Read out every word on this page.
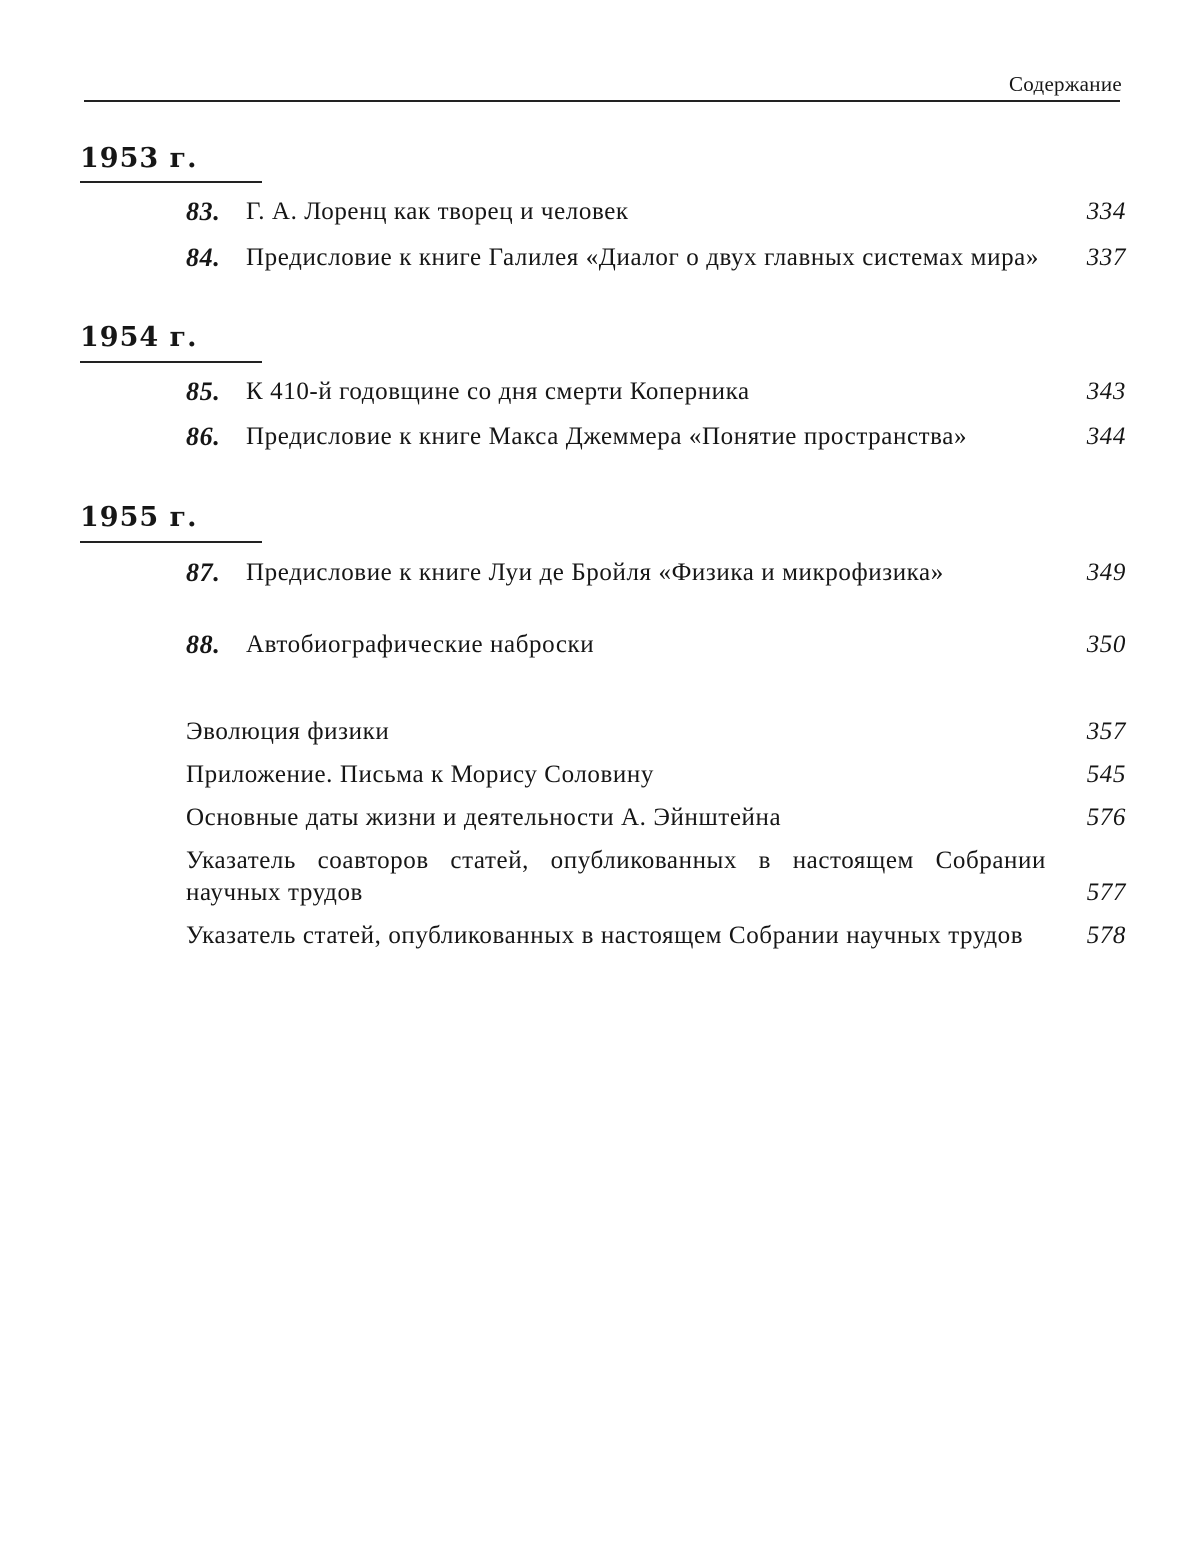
Содержание
1953 г.
83. Г. А. Лоренц как творец и человек	334
84. Предисловие к книге Галилея «Диалог о двух главных системах мира» 337
1954 г.
85. К 410-й годовщине со дня смерти Коперника	343
86. Предисловие к книге Макса Джеммера «Понятие пространства»	344
1955 г.
87. Предисловие к книге Луи де Бройля «Физика и микрофизика»	349
88. Автобиографические наброски	350
Эволюция физики	357
Приложение. Письма к Морису Соловину	545
Основные даты жизни и деятельности А. Эйнштейна	576
Указатель соавторов статей, опубликованных в настоящем Собрании научных трудов	577
Указатель статей, опубликованных в настоящем Собрании научных трудов	578
